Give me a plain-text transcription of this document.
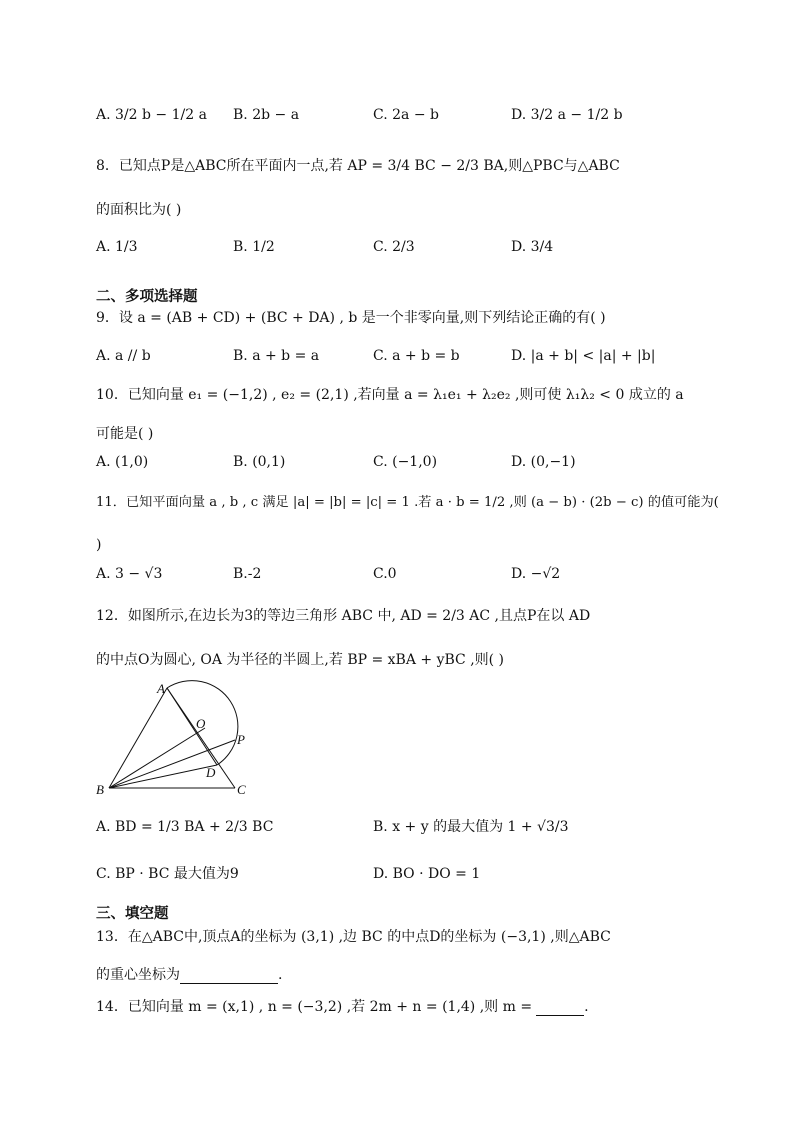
A. 3/2 b − 1/2 a B. 2b − a	C. 2a − b	D. 3/2 a − 1/2 b
8．已知点P是△ABC所在平面内一点,若 AP = 3/4 BC − 2/3 BA,则△PBC与△ABC
的面积比为( )
A. 1/3	B. 1/2	C. 2/3	D. 3/4
二、多项选择题
9．设 a = (AB + CD) + (BC + DA) , b 是一个非零向量,则下列结论正确的有( )
A. a // b	B. a + b = a	C. a + b = b	D. |a + b| < |a| + |b|
10．已知向量 e₁ = (−1,2) , e₂ = (2,1) ,若向量 a = λ₁e₁ + λ₂e₂ ,则可使 λ₁λ₂ < 0 成立的 a
可能是( )
A. (1,0)	B. (0,1)	C. (−1,0)	D. (0,−1)
11．已知平面向量 a , b , c 满足 |a| = |b| = |c| = 1 .若 a · b = 1/2 ,则 (a − b) · (2b − c) 的值可能为(
)
A. 3 − √3	B.-2	C.0	D. −√2
12．如图所示,在边长为3的等边三角形 ABC 中, AD = 2/3 AC ,且点P在以 AD
的中点O为圆心, OA 为半径的半圆上,若 BP = xBA + yBC ,则( )
A
O
P
D
B	C
A. BD = 1/3 BA + 2/3 BC	B. x + y 的最大值为 1 + √3/3
C. BP · BC 最大值为9	D. BO · DO = 1
三、填空题
13．在△ABC中,顶点A的坐标为 (3,1) ,边 BC 的中点D的坐标为 (−3,1) ,则△ABC
的重心坐标为	.
14．已知向量 m = (x,1) , n = (−3,2) ,若 2m + n = (1,4) ,则 m =	.
